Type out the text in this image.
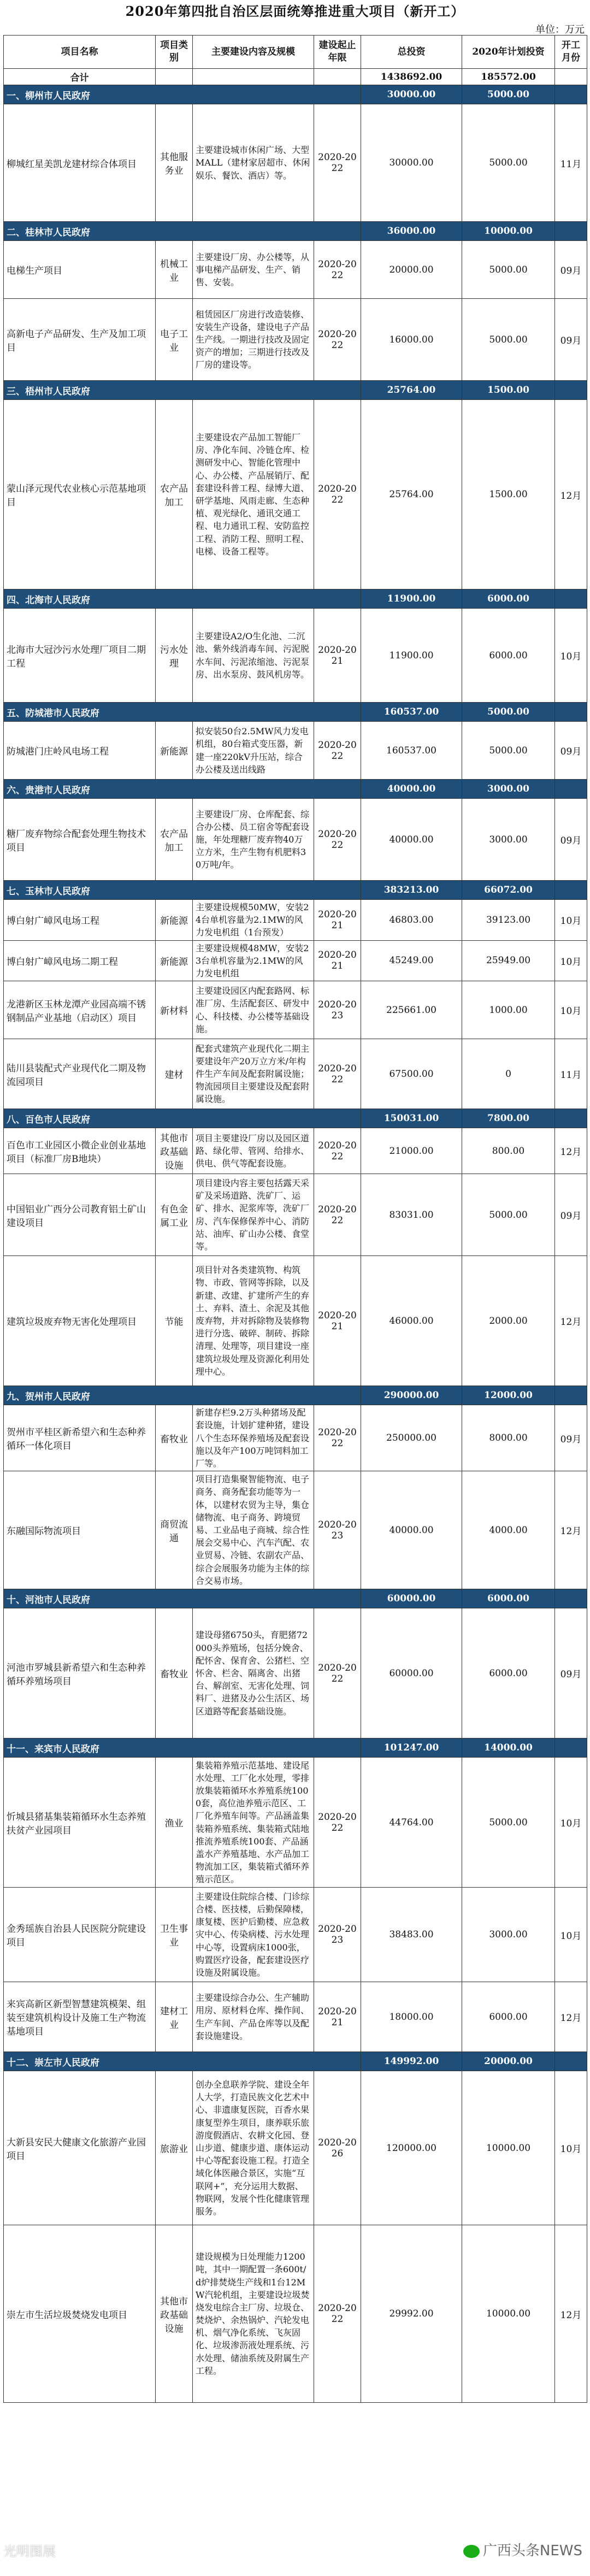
2020年第四批自治区层面统筹推进重大项目（新开工）
单位：万元
项目名称	项目类别	主要建设内容及规模	建设起止年限	总投资	2020年计划投资	开工月份
合计				1438692.00	185572.00	
一、柳州市人民政府				30000.00	5000.00	
柳城红星美凯龙建材综合体项目	其他服务业	主要建设城市休闲广场、大型MALL（建材家居超市、休闲娱乐、餐饮、酒店）等。	2020-2022	30000.00	5000.00	11月
二、桂林市人民政府				36000.00	10000.00	
电梯生产项目	机械工业	主要建设厂房、办公楼等，从事电梯产品研发、生产、销售、安装。	2020-2022	20000.00	5000.00	09月
高新电子产品研发、生产及加工项目	电子工业	租赁园区厂房进行改造装修、安装生产设备，建设电子产品生产线。一期进行技改及固定资产的增加；三期进行技改及厂房的建设等。	2020-2022	16000.00	5000.00	09月
三、梧州市人民政府				25764.00	1500.00	
蒙山泽元现代农业核心示范基地项目	农产品加工	主要建设农产品加工智能厂房、净化车间、冷链仓库、检测研发中心、智能化管理中心、办公楼、产品展销厅、配套建设科普工程、绿博大道、研学基地、风雨走廊、生态种植、观光绿化、通讯交通工程、电力通讯工程、安防监控工程、消防工程、照明工程、电梯、设备工程等。	2020-2022	25764.00	1500.00	12月
四、北海市人民政府				11900.00	6000.00	
北海市大冠沙污水处理厂项目二期工程	污水处理	主要建设A2/O生化池、二沉池、紫外线消毒车间、污泥脱水车间、污泥浓缩池、污泥泵房、出水泵房、鼓风机房等。	2020-2021	11900.00	6000.00	10月
五、防城港市人民政府				160537.00	5000.00	
防城港门庄岭风电场工程	新能源	拟安装50台2.5MW风力发电机组，80台箱式变压器，新建一座220kV升压站，综合办公楼及送出线路	2020-2022	160537.00	5000.00	09月
六、贵港市人民政府				40000.00	3000.00	
糖厂废弃物综合配套处理生物技术项目	农产品加工	主要建设厂房、仓库配套、综合办公楼、员工宿舍等配套设施，年处理糖厂废弃物40万立方米，生产生物有机肥料30万吨/年。	2020-2022	40000.00	3000.00	09月
七、玉林市人民政府				383213.00	66072.00	
博白射广嶂风电场工程	新能源	主要建设规模50MW，安装24台单机容量为2.1MW的风力发电机组（1台预发）	2020-2021	46803.00	39123.00	10月
博白射广嶂风电场二期工程	新能源	主要建设规模48MW，安装23台单机容量为2.1MW的风力发电机组	2020-2021	45249.00	25949.00	10月
龙港新区玉林龙潭产业园高端不锈钢制品产业基地（启动区）项目	新材料	主要建设园区内配套路网、标准厂房、生活配套区、研发中心、科技楼、办公楼等基础设施。	2020-2023	225661.00	1000.00	10月
陆川县装配式产业现代化二期及物流园项目	建材	配套式建筑产业现代化二期主要建设年产20万立方米/年构件生产车间及配套附属设施；物流园项目主要建设及配套附属设施。	2020-2022	67500.00	0	11月
八、百色市人民政府				150031.00	7800.00	
百色市工业园区小微企业创业基地项目（标准厂房B地块）	其他市政基础设施	项目主要建设厂房以及园区道路、绿化带、管网、给排水、供电、供气等配套设施。	2020-2022	21000.00	800.00	12月
中国铝业广西分公司教育铝土矿山建设项目	有色金属工业	项目建设内容主要包括露天采矿及采场道路、洗矿厂、运矿、排水、泥浆库等，洗矿厂房、汽车保修保养中心、消防站、油库、矿山办公楼、食堂等。	2020-2022	83031.00	5000.00	09月
建筑垃圾废弃物无害化处理项目	节能	项目针对各类建筑物、构筑物、市政、管网等拆除，以及新建、改建、扩建所产生的弃土、弃料、渣土、余泥及其他废弃物，并对拆除物及装修物进行分选、破碎、制砖、拆除清理、处理等，项目建设一座建筑垃圾处理及资源化利用处理中心。	2020-2021	46000.00	2000.00	12月
九、贺州市人民政府				290000.00	12000.00	
贺州市平桂区新希望六和生态种养循环一体化项目	畜牧业	新建存栏9.2万头种猪场及配套设施，计划扩建种猪，建设八个生态环保养殖场及配套设施以及年产100万吨饲料加工厂等。	2020-2022	250000.00	8000.00	09月
东融国际物流项目	商贸流通	项目打造集聚智能物流、电子商务、商务配套功能等为一体，以建材农贸为主导，集仓储物流、电子商务、跨境贸易、工业品电子商城、综合性展会交易中心、汽车汽配、农业贸易、冷链、农副农产品、综合会展服务功能为主体的综合交易市场。	2020-2023	40000.00	4000.00	12月
十、河池市人民政府				60000.00	6000.00	
河池市罗城县新希望六和生态种养循环养殖场项目	畜牧业	建设母猪6750头，育肥猪72000头养殖场，包括分娩舍、配怀舍、保育舍、公猪栏、空怀舍、栏舍、隔离舍、出猪台、解剖室、无害化处理、饲料厂、进猪及办公生活区、场区道路等配套基础设施。	2020-2022	60000.00	6000.00	09月
十一、来宾市人民政府				101247.00	14000.00	
忻城县猪基集装箱循环水生态养殖扶贫产业园项目	渔业	集装箱养殖示范基地、建设尾水处理、工厂化水处理，零排放集装箱循环水养殖系统1000套，高位池养殖示范区、工厂化养殖车间等。产品涵盖集装箱养殖系统、集装箱式陆地推流养殖系统100套、产品涵盖水产养殖基地、水产品加工物流加工区，集装箱式循环养殖示范区。	2020-2022	44764.00	5000.00	10月
金秀瑶族自治县人民医院分院建设项目	卫生事业	主要建设住院综合楼、门诊综合楼、医技楼，后勤保障楼，康复楼、医护后勤楼、应急救灾中心、传染病楼、污水处理中心等，设置病床1000张，购置医疗设备，配套建设医疗设施及附属设施。	2020-2023	38483.00	3000.00	10月
来宾高新区新型智慧建筑模架、组装至建筑机构设计及施工生产物流基地项目	建材工业	主要建设综合办公、生产辅助用房、原材料仓库、操作间、生产车间、产品仓库等以及配套设施建设。	2020-2021	18000.00	6000.00	12月
十二、崇左市人民政府				149992.00	20000.00	
大新县安民大健康文化旅游产业园项目	旅游业	创办全息联养学院、建设全年人大学，打造民族文化艺术中心、非遗康复医院，百香水果康复型养生项目，康养联乐旅游度假酒店、农耕文化园、登山步道、健康步道、康体运动中心等配套设施工程。打造全域化体医融合景区，实施“互联网+”，充分运用大数据、物联网，发展个性化健康管理服务。	2020-2026	120000.00	10000.00	10月
崇左市生活垃圾焚烧发电项目	其他市政基础设施	建设规模为日处理能力1200吨，其中一期配置一条600t/d炉排焚烧生产线和1台12MW汽轮机组，主要建设垃圾焚烧发电综合主厂房、垃圾仓、焚烧炉、余热锅炉、汽轮发电机、烟气净化系统、飞灰固化、垃圾渗沥液处理系统、污水处理、储油系统及附属生产工程。	2020-2022	29992.00	10000.00	12月
光明图展	广西头条NEWS
